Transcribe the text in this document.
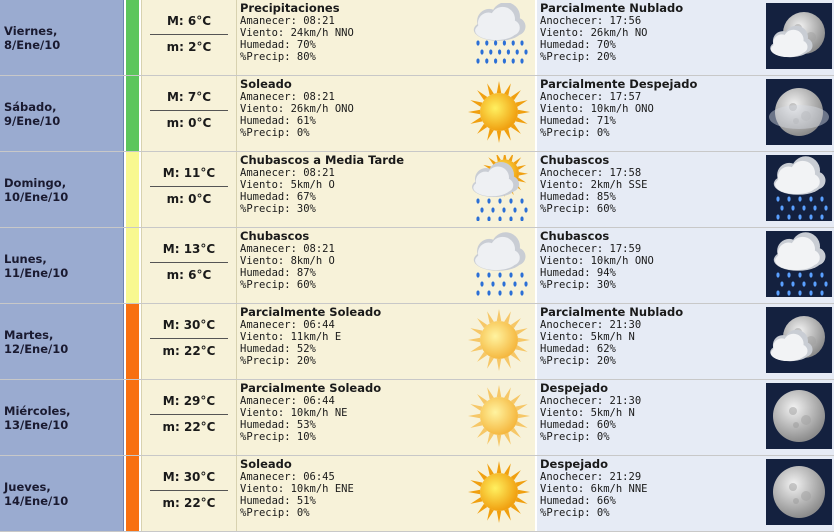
Viernes,
8/Ene/10
M: 6°C
m: 2°C
Precipitaciones
Amanecer: 08:21
Viento: 24km/h NNO
Humedad: 70%
%Precip: 80%
Parcialmente Nublado
Anochecer: 17:56
Viento: 26km/h NO
Humedad: 70%
%Precip: 20%
Sábado,
9/Ene/10
M: 7°C
m: 0°C
Soleado
Amanecer: 08:21
Viento: 26km/h ONO
Humedad: 61%
%Precip: 0%
Parcialmente Despejado
Anochecer: 17:57
Viento: 10km/h ONO
Humedad: 71%
%Precip: 0%
Domingo,
10/Ene/10
M: 11°C
m: 0°C
Chubascos a Media Tarde
Amanecer: 08:21
Viento: 5km/h O
Humedad: 67%
%Precip: 30%
Chubascos
Anochecer: 17:58
Viento: 2km/h SSE
Humedad: 85%
%Precip: 60%
Lunes,
11/Ene/10
M: 13°C
m: 6°C
Chubascos
Amanecer: 08:21
Viento: 8km/h O
Humedad: 87%
%Precip: 60%
Chubascos
Anochecer: 17:59
Viento: 10km/h ONO
Humedad: 94%
%Precip: 30%
Martes,
12/Ene/10
M: 30°C
m: 22°C
Parcialmente Soleado
Amanecer: 06:44
Viento: 11km/h E
Humedad: 52%
%Precip: 20%
Parcialmente Nublado
Anochecer: 21:30
Viento: 5km/h N
Humedad: 62%
%Precip: 20%
Miércoles,
13/Ene/10
M: 29°C
m: 22°C
Parcialmente Soleado
Amanecer: 06:44
Viento: 10km/h NE
Humedad: 53%
%Precip: 10%
Despejado
Anochecer: 21:30
Viento: 5km/h N
Humedad: 60%
%Precip: 0%
Jueves,
14/Ene/10
M: 30°C
m: 22°C
Soleado
Amanecer: 06:45
Viento: 10km/h ENE
Humedad: 51%
%Precip: 0%
Despejado
Anochecer: 21:29
Viento: 6km/h NNE
Humedad: 66%
%Precip: 0%
